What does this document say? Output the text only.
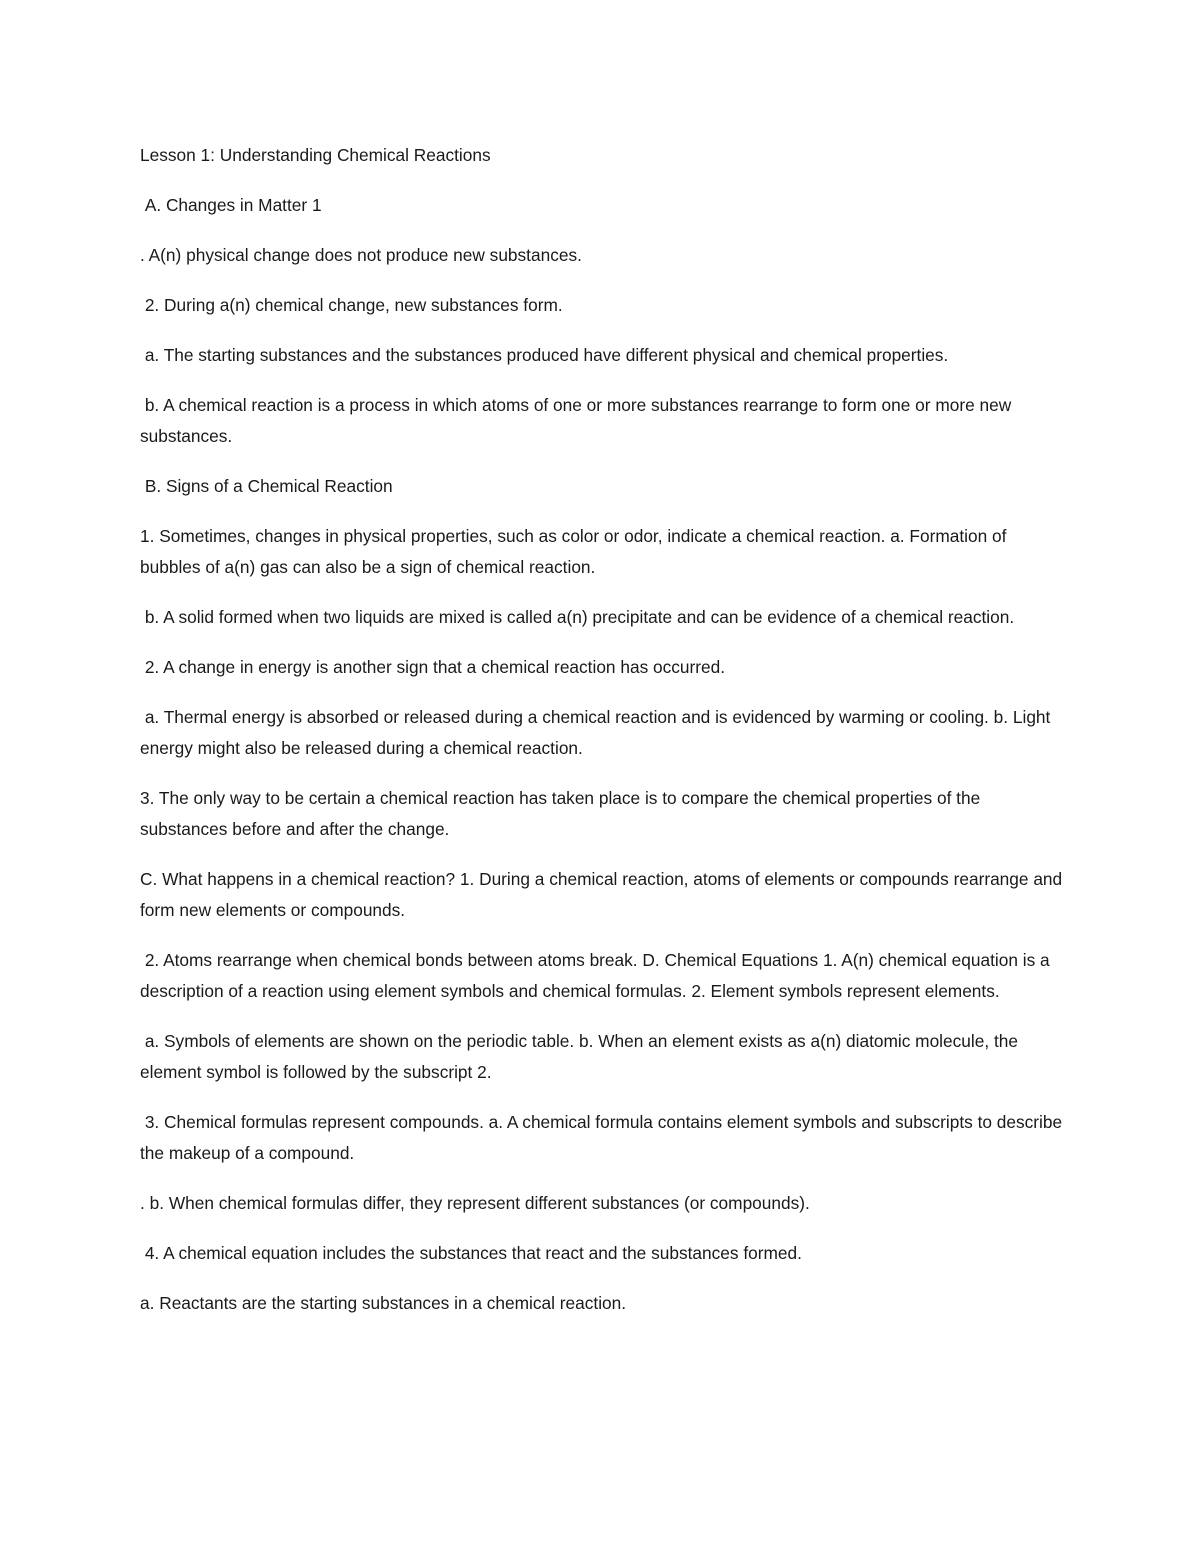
Lesson 1: Understanding Chemical Reactions

A. Changes in Matter 1

. A(n) physical change does not produce new substances.

2. During a(n) chemical change, new substances form.

a. The starting substances and the substances produced have different physical and chemical properties.

b. A chemical reaction is a process in which atoms of one or more substances rearrange to form one or more new substances.

B. Signs of a Chemical Reaction

1. Sometimes, changes in physical properties, such as color or odor, indicate a chemical reaction. a. Formation of bubbles of a(n) gas can also be a sign of chemical reaction.

b. A solid formed when two liquids are mixed is called a(n) precipitate and can be evidence of a chemical reaction.

2. A change in energy is another sign that a chemical reaction has occurred.

a. Thermal energy is absorbed or released during a chemical reaction and is evidenced by warming or cooling. b. Light energy might also be released during a chemical reaction.

3. The only way to be certain a chemical reaction has taken place is to compare the chemical properties of the substances before and after the change.

C. What happens in a chemical reaction? 1. During a chemical reaction, atoms of elements or compounds rearrange and form new elements or compounds.

2. Atoms rearrange when chemical bonds between atoms break. D. Chemical Equations 1. A(n) chemical equation is a description of a reaction using element symbols and chemical formulas. 2. Element symbols represent elements.

a. Symbols of elements are shown on the periodic table. b. When an element exists as a(n) diatomic molecule, the element symbol is followed by the subscript 2.

3. Chemical formulas represent compounds. a. A chemical formula contains element symbols and subscripts to describe the makeup of a compound.

. b. When chemical formulas differ, they represent different substances (or compounds).

4. A chemical equation includes the substances that react and the substances formed.

a. Reactants are the starting substances in a chemical reaction.
